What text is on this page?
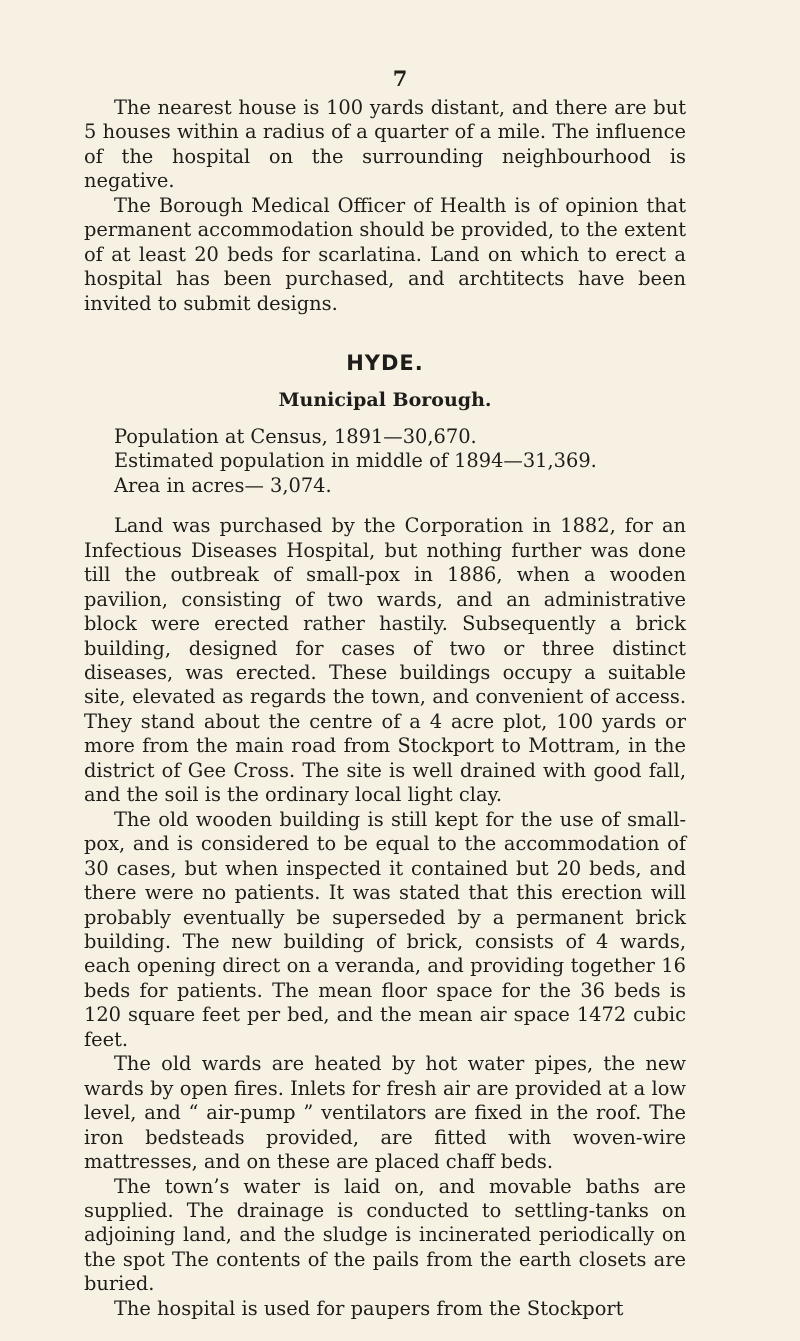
7

The nearest house is 100 yards distant, and there are but 5 houses within a radius of a quarter of a mile. The influence of the hospital on the surrounding neighbourhood is negative.

The Borough Medical Officer of Health is of opinion that permanent accommodation should be provided, to the extent of at least 20 beds for scarlatina. Land on which to erect a hospital has been purchased, and archtitects have been invited to submit designs.

HYDE.
Municipal Borough.
Population at Census, 1891—30,670.
Estimated population in middle of 1894—31,369.
Area in acres— 3,074.

Land was purchased by the Corporation in 1882, for an Infectious Diseases Hospital, but nothing further was done till the outbreak of small-pox in 1886, when a wooden pavilion, consisting of two wards, and an administrative block were erected rather hastily. Subsequently a brick building, designed for cases of two or three distinct diseases, was erected. These buildings occupy a suitable site, elevated as regards the town, and convenient of access. They stand about the centre of a 4 acre plot, 100 yards or more from the main road from Stockport to Mottram, in the district of Gee Cross. The site is well drained with good fall, and the soil is the ordinary local light clay.

The old wooden building is still kept for the use of small-pox, and is considered to be equal to the accommodation of 30 cases, but when inspected it contained but 20 beds, and there were no patients. It was stated that this erection will probably eventually be superseded by a permanent brick building. The new building of brick, consists of 4 wards, each opening direct on a veranda, and providing together 16 beds for patients. The mean floor space for the 36 beds is 120 square feet per bed, and the mean air space 1472 cubic feet.

The old wards are heated by hot water pipes, the new wards by open fires. Inlets for fresh air are provided at a low level, and “ air-pump ” ventilators are fixed in the roof. The iron bedsteads provided, are fitted with woven-wire mattresses, and on these are placed chaff beds.

The town’s water is laid on, and movable baths are supplied. The drainage is conducted to settling-tanks on adjoining land, and the sludge is incinerated periodically on the spot The contents of the pails from the earth closets are buried.

The hospital is used for paupers from the Stockport
